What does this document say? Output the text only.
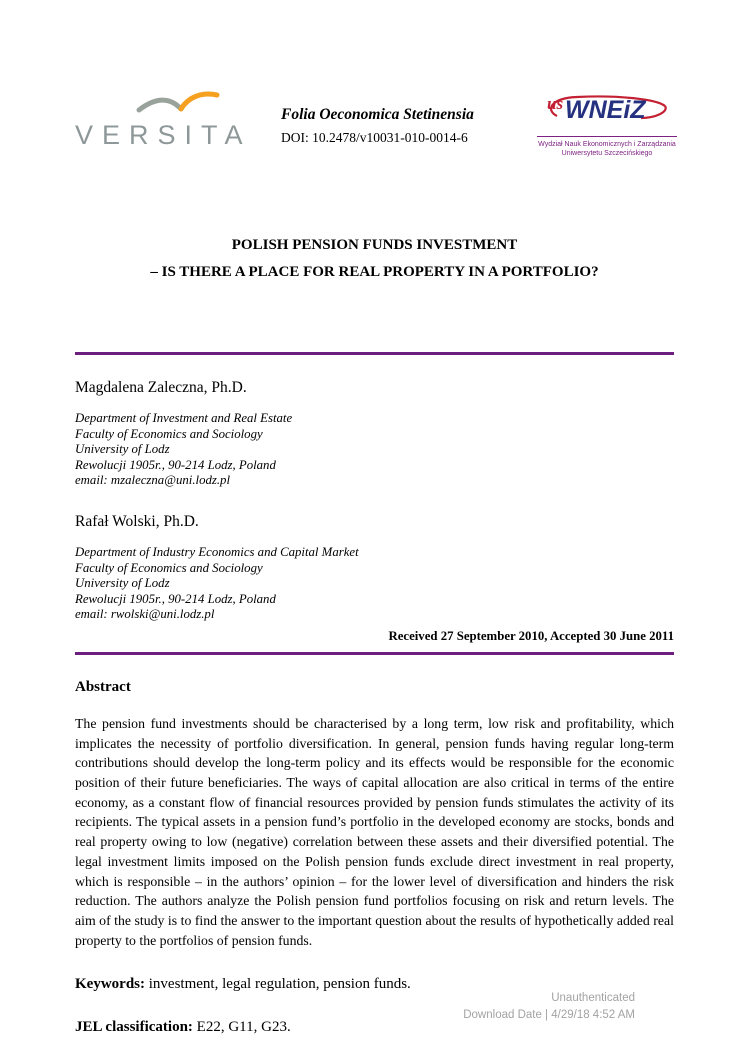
VERSITA
Folia Oeconomica Stetinensia
DOI: 10.2478/v10031-010-0014-6
us WNEiZ
Wydział Nauk Ekonomicznych i Zarządzania
Uniwersytetu Szczecińskiego
POLISH PENSION FUNDS INVESTMENT
– IS THERE A PLACE FOR REAL PROPERTY IN A PORTFOLIO?
Magdalena Zaleczna, Ph.D.
Department of Investment and Real Estate
Faculty of Economics and Sociology
University of Lodz
Rewolucji 1905r., 90-214 Lodz, Poland
email: mzaleczna@uni.lodz.pl
Rafał Wolski, Ph.D.
Department of Industry Economics and Capital Market
Faculty of Economics and Sociology
University of Lodz
Rewolucji 1905r., 90-214 Lodz, Poland
email: rwolski@uni.lodz.pl
Received 27 September 2010, Accepted 30 June 2011
Abstract
The pension fund investments should be characterised by a long term, low risk and profitability, which implicates the necessity of portfolio diversification. In general, pension funds having regular long-term contributions should develop the long-term policy and its effects would be responsible for the economic position of their future beneficiaries. The ways of capital allocation are also critical in terms of the entire economy, as a constant flow of financial resources provided by pension funds stimulates the activity of its recipients. The typical assets in a pension fund’s portfolio in the developed economy are stocks, bonds and real property owing to low (negative) correlation between these assets and their diversified potential. The legal investment limits imposed on the Polish pension funds exclude direct investment in real property, which is responsible – in the authors’ opinion – for the lower level of diversification and hinders the risk reduction. The authors analyze the Polish pension fund portfolios focusing on risk and return levels. The aim of the study is to find the answer to the important question about the results of hypothetically added real property to the portfolios of pension funds.
Keywords: investment, legal regulation, pension funds.
JEL classification: E22, G11, G23.
Unauthenticated
Download Date | 4/29/18 4:52 AM
